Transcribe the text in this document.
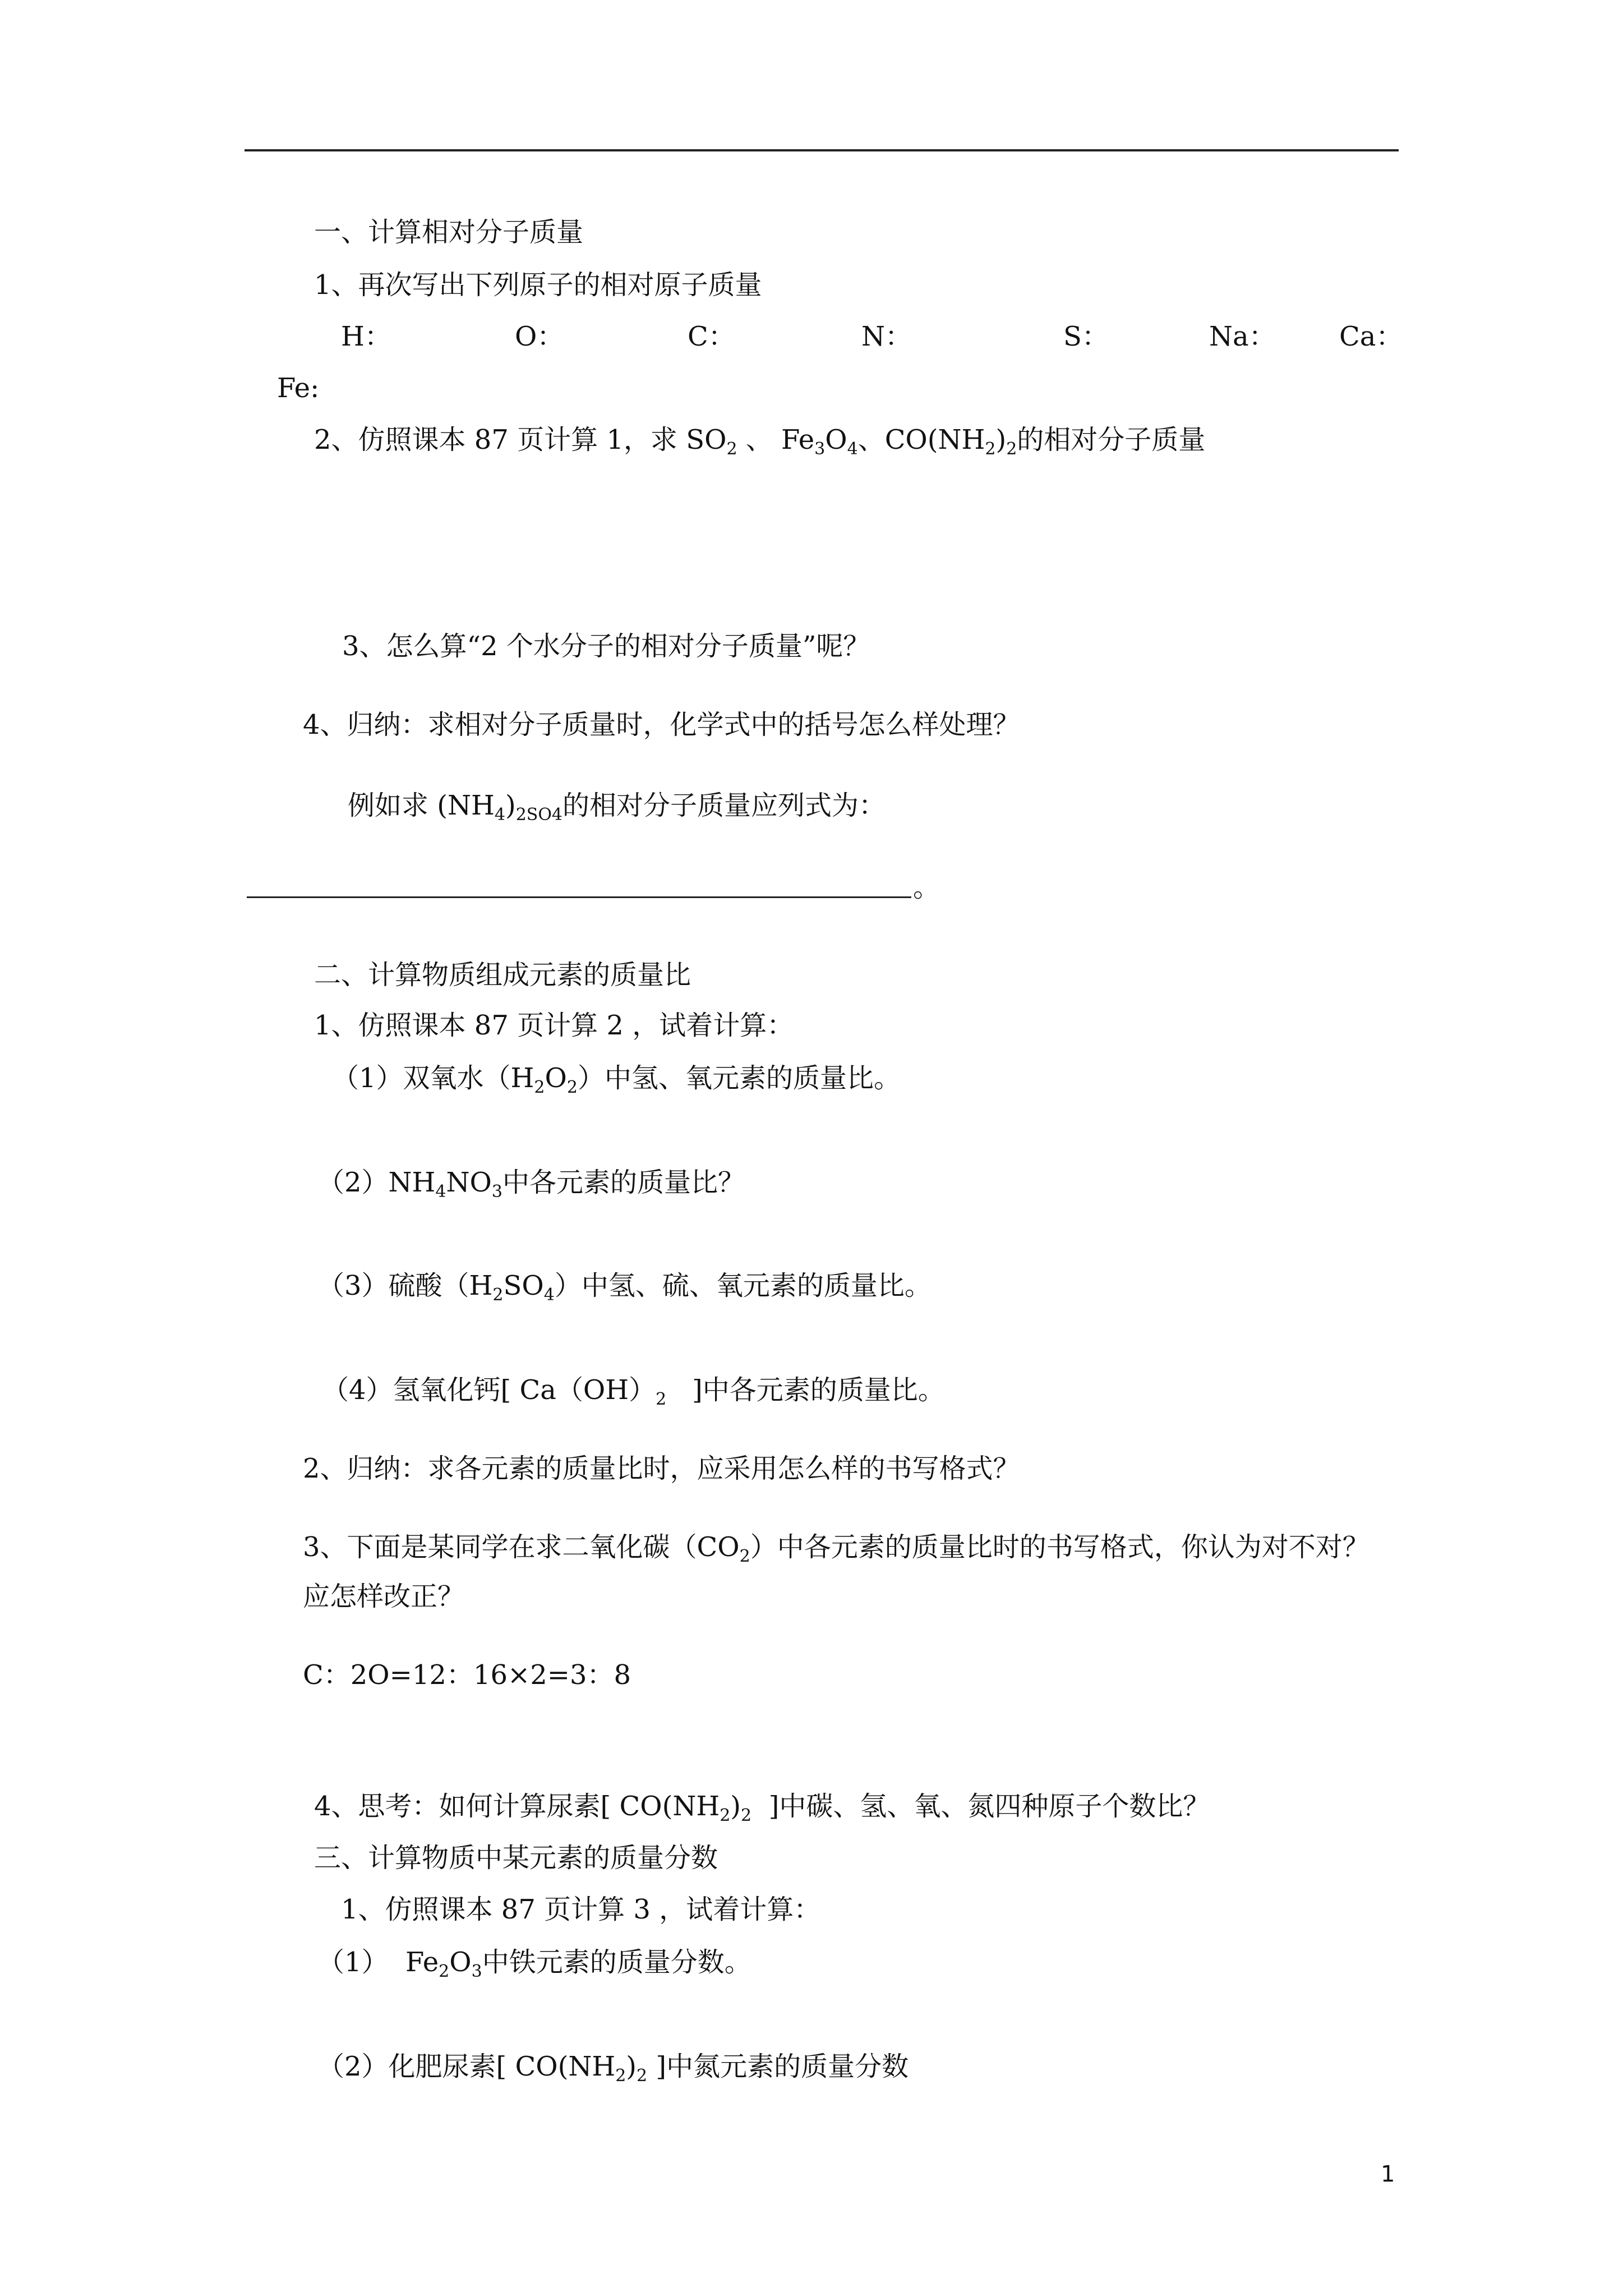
一、计算相对分子质量
1、再次写出下列原子的相对原子质量
H：	O：	C：	N：	S：	Na： Ca：
Fe:
2、仿照课本 87 页计算 1，求 $SO_2$ 、 $Fe_3O_4$、$CO(NH_2)_2$的相对分子质量
3、怎么算“2 个水分子的相对分子质量”呢？
4、归纳：求相对分子质量时，化学式中的括号怎么样处理？
例如求 $(NH_4)_{2SO4}$的相对分子质量应列式为：
。
二、计算物质组成元素的质量比
1、仿照课本 87 页计算 2 ，试着计算：
（1）双氧水$(H_2O_2)$中氢、氧元素的质量比。
$(2)NH_4NO_3$中各元素的质量比？
（3）硫酸$(H_2SO_4)$中氢、硫、氧元素的质量比。
（4）氢氧化钙[ $Ca(OH)_2$   ]中各元素的质量比。
2、归纳：求各元素的质量比时，应采用怎么样的书写格式？
3、下面是某同学在求二氧化碳$(CO_2)$中各元素的质量比时的书写格式，你认为对不对？
应怎样改正？
C：2O=12：16×2=3：8
4、思考：如何计算尿素[ $CO(NH_2)_2$  ]中碳、氢、氧、氮四种原子个数比？
三、计算物质中某元素的质量分数
1、仿照课本 87 页计算 3 ，试着计算：
（1）  $Fe_2O_3$中铁元素的质量分数。
（2）化肥尿素[ $CO(NH_2)_2$ ]中氮元素的质量分数
1
